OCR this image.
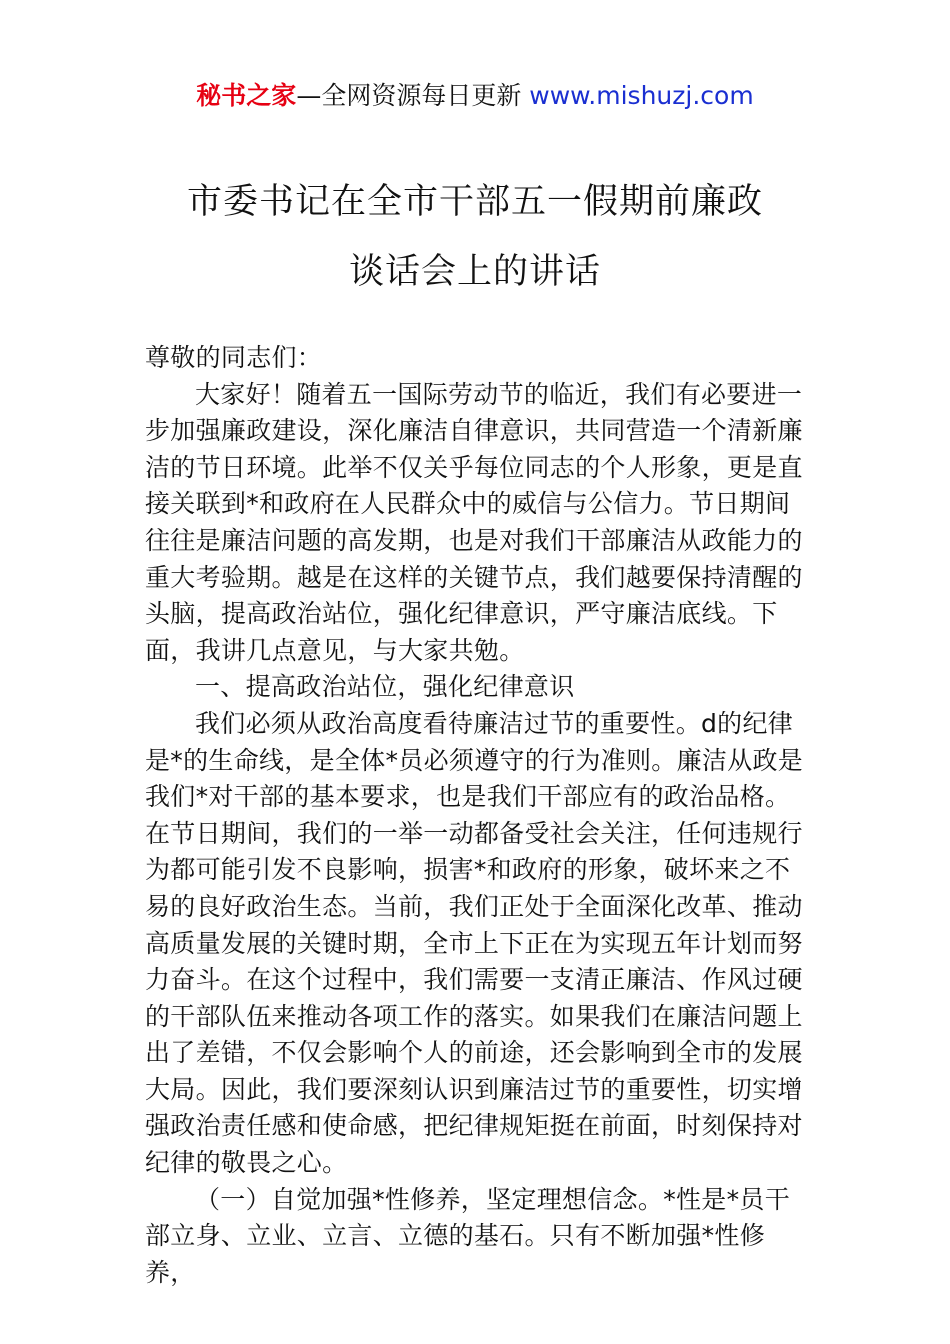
秘书之家—全网资源每日更新 www.mishuzj.com
市委书记在全市干部五一假期前廉政
谈话会上的讲话

尊敬的同志们：

大家好！随着五一国际劳动节的临近，我们有必要进一步加强廉政建设，深化廉洁自律意识，共同营造一个清新廉洁的节日环境。此举不仅关乎每位同志的个人形象，更是直接关联到*和政府在人民群众中的威信与公信力。节日期间往往是廉洁问题的高发期，也是对我们干部廉洁从政能力的重大考验期。越是在这样的关键节点，我们越要保持清醒的头脑，提高政治站位，强化纪律意识，严守廉洁底线。下面，我讲几点意见，与大家共勉。

一、提高政治站位，强化纪律意识

我们必须从政治高度看待廉洁过节的重要性。d的纪律是*的生命线，是全体*员必须遵守的行为准则。廉洁从政是我们*对干部的基本要求，也是我们干部应有的政治品格。在节日期间，我们的一举一动都备受社会关注，任何违规行为都可能引发不良影响，损害*和政府的形象，破坏来之不易的良好政治生态。当前，我们正处于全面深化改革、推动高质量发展的关键时期，全市上下正在为实现五年计划而努力奋斗。在这个过程中，我们需要一支清正廉洁、作风过硬的干部队伍来推动各项工作的落实。如果我们在廉洁问题上出了差错，不仅会影响个人的前途，还会影响到全市的发展大局。因此，我们要深刻认识到廉洁过节的重要性，切实增强政治责任感和使命感，把纪律规矩挺在前面，时刻保持对纪律的敬畏之心。

（一）自觉加强*性修养，坚定理想信念。*性是*员干部立身、立业、立言、立德的基石。只有不断加强*性修养，
